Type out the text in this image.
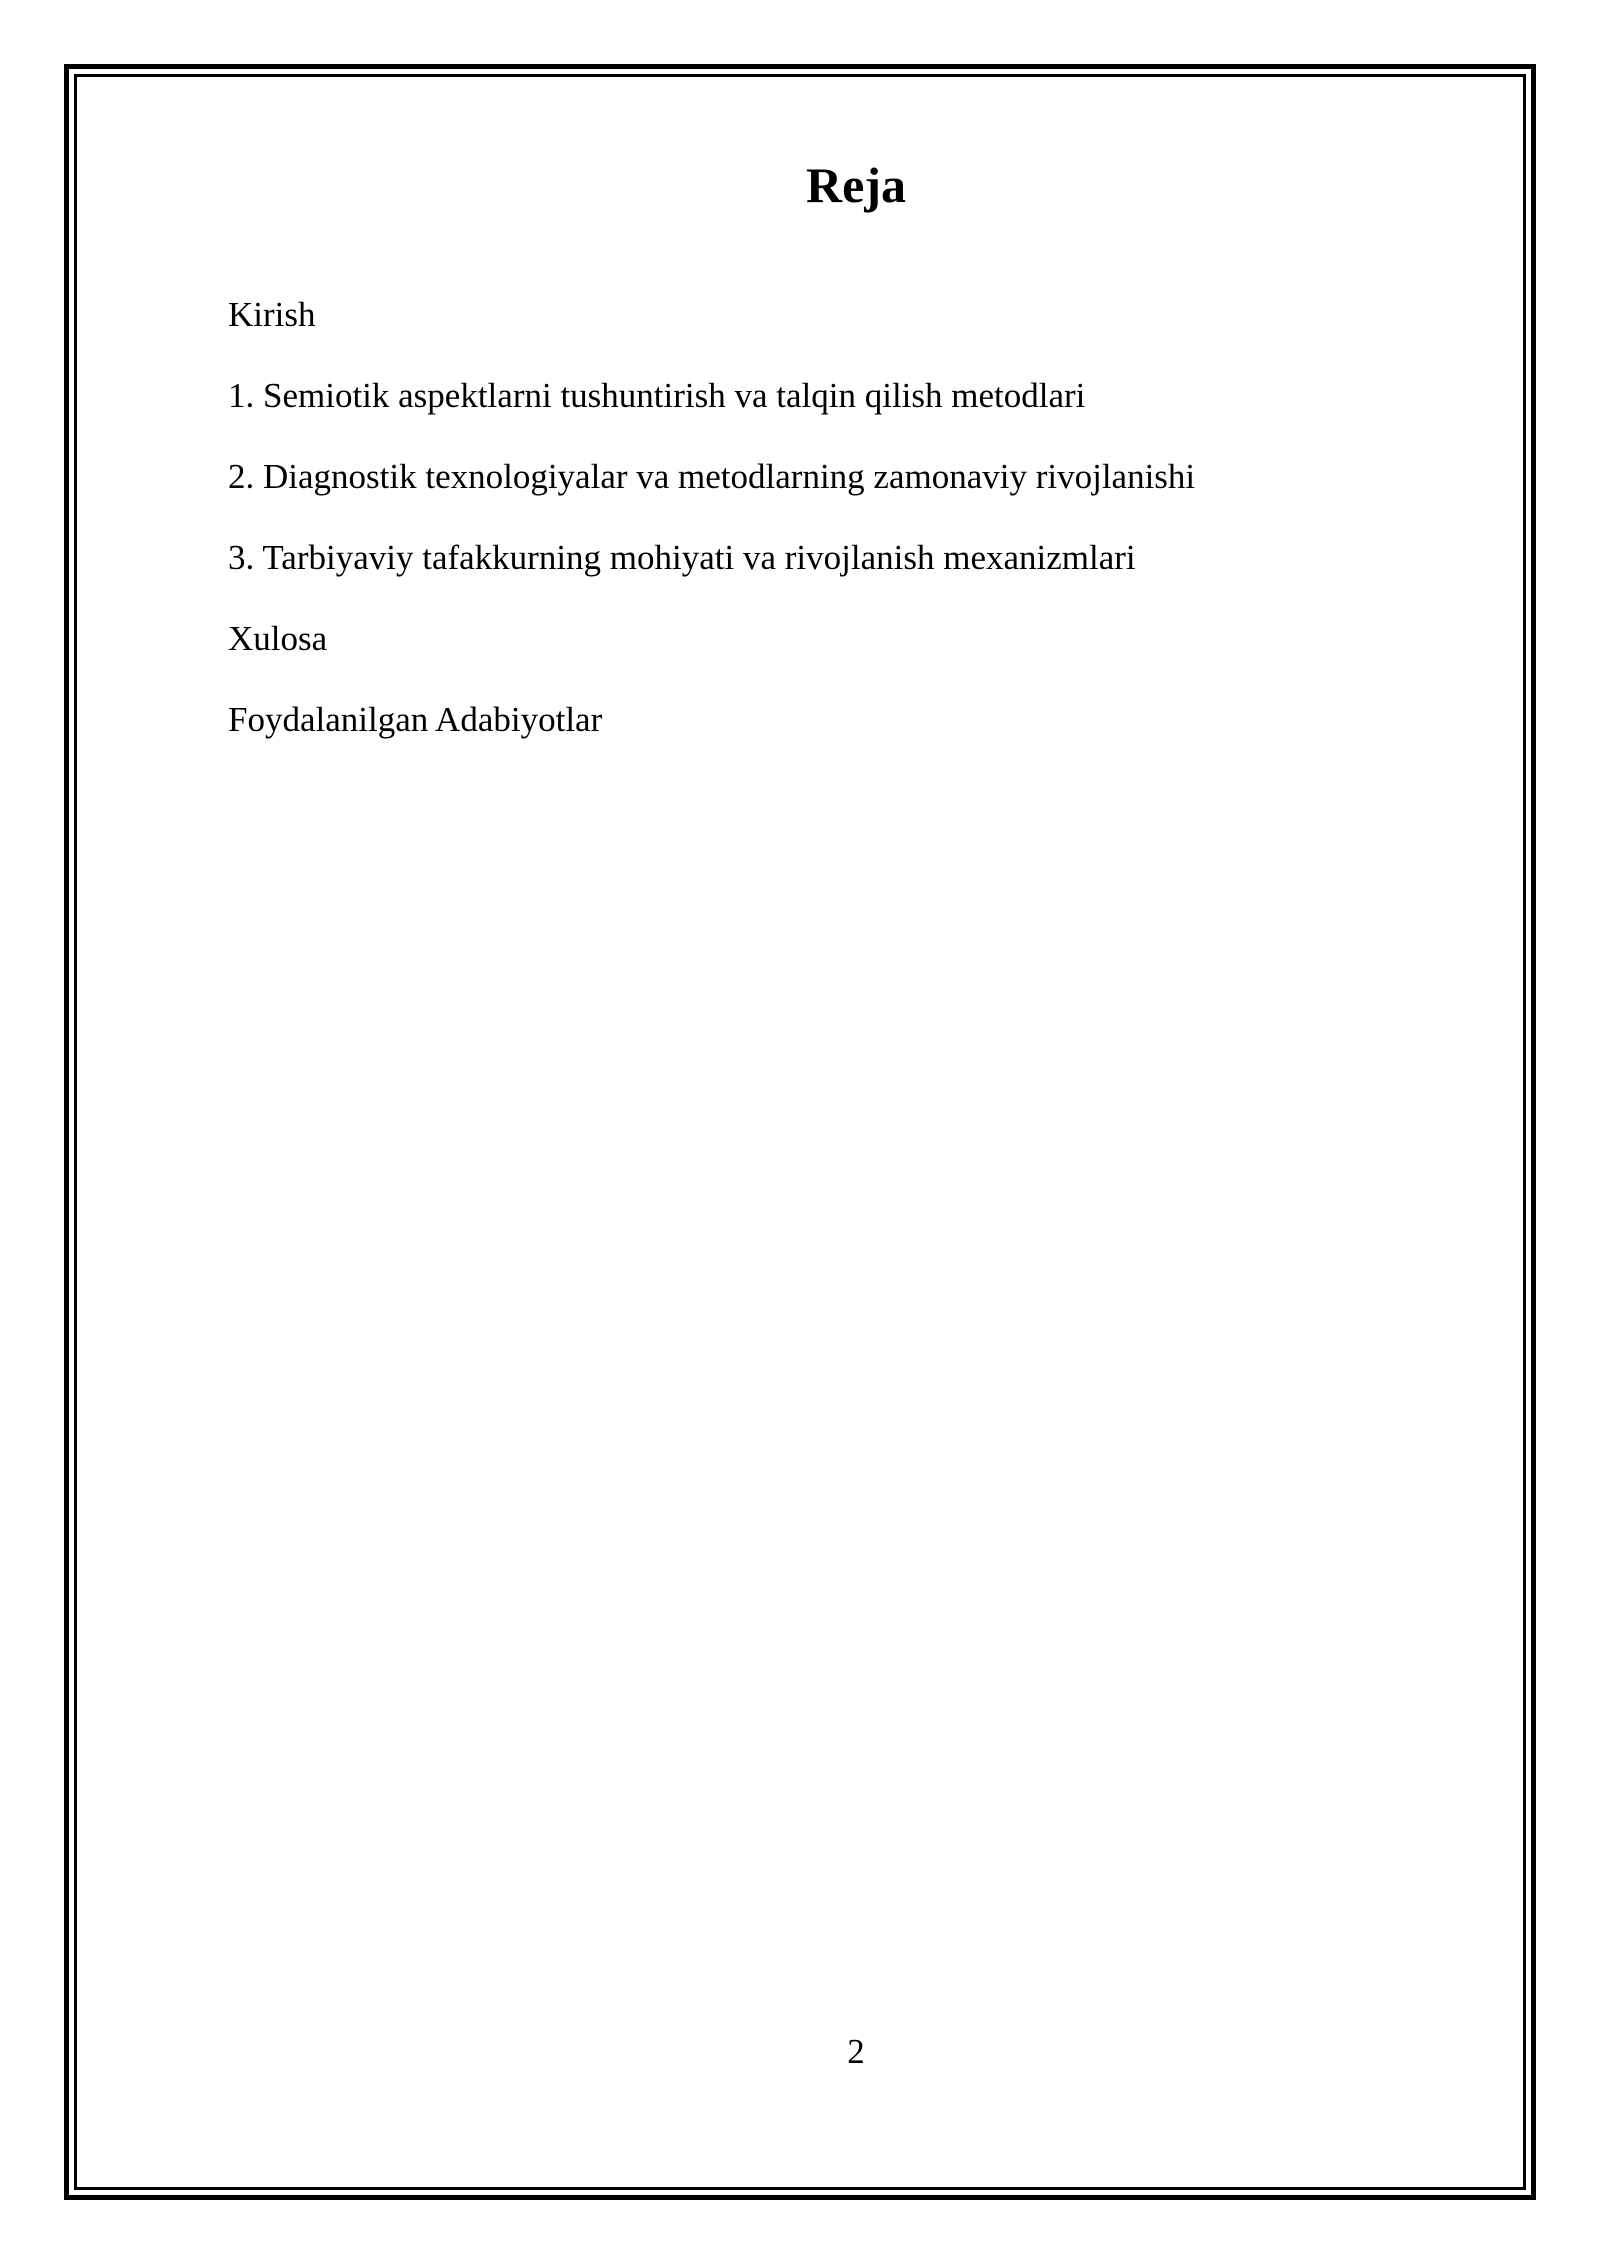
Reja
Kirish
1. Semiotik aspektlarni tushuntirish va talqin qilish metodlari
2. Diagnostik texnologiyalar va metodlarning zamonaviy rivojlanishi
3. Tarbiyaviy tafakkurning mohiyati va rivojlanish mexanizmlari
Xulosa
Foydalanilgan Adabiyotlar
2
